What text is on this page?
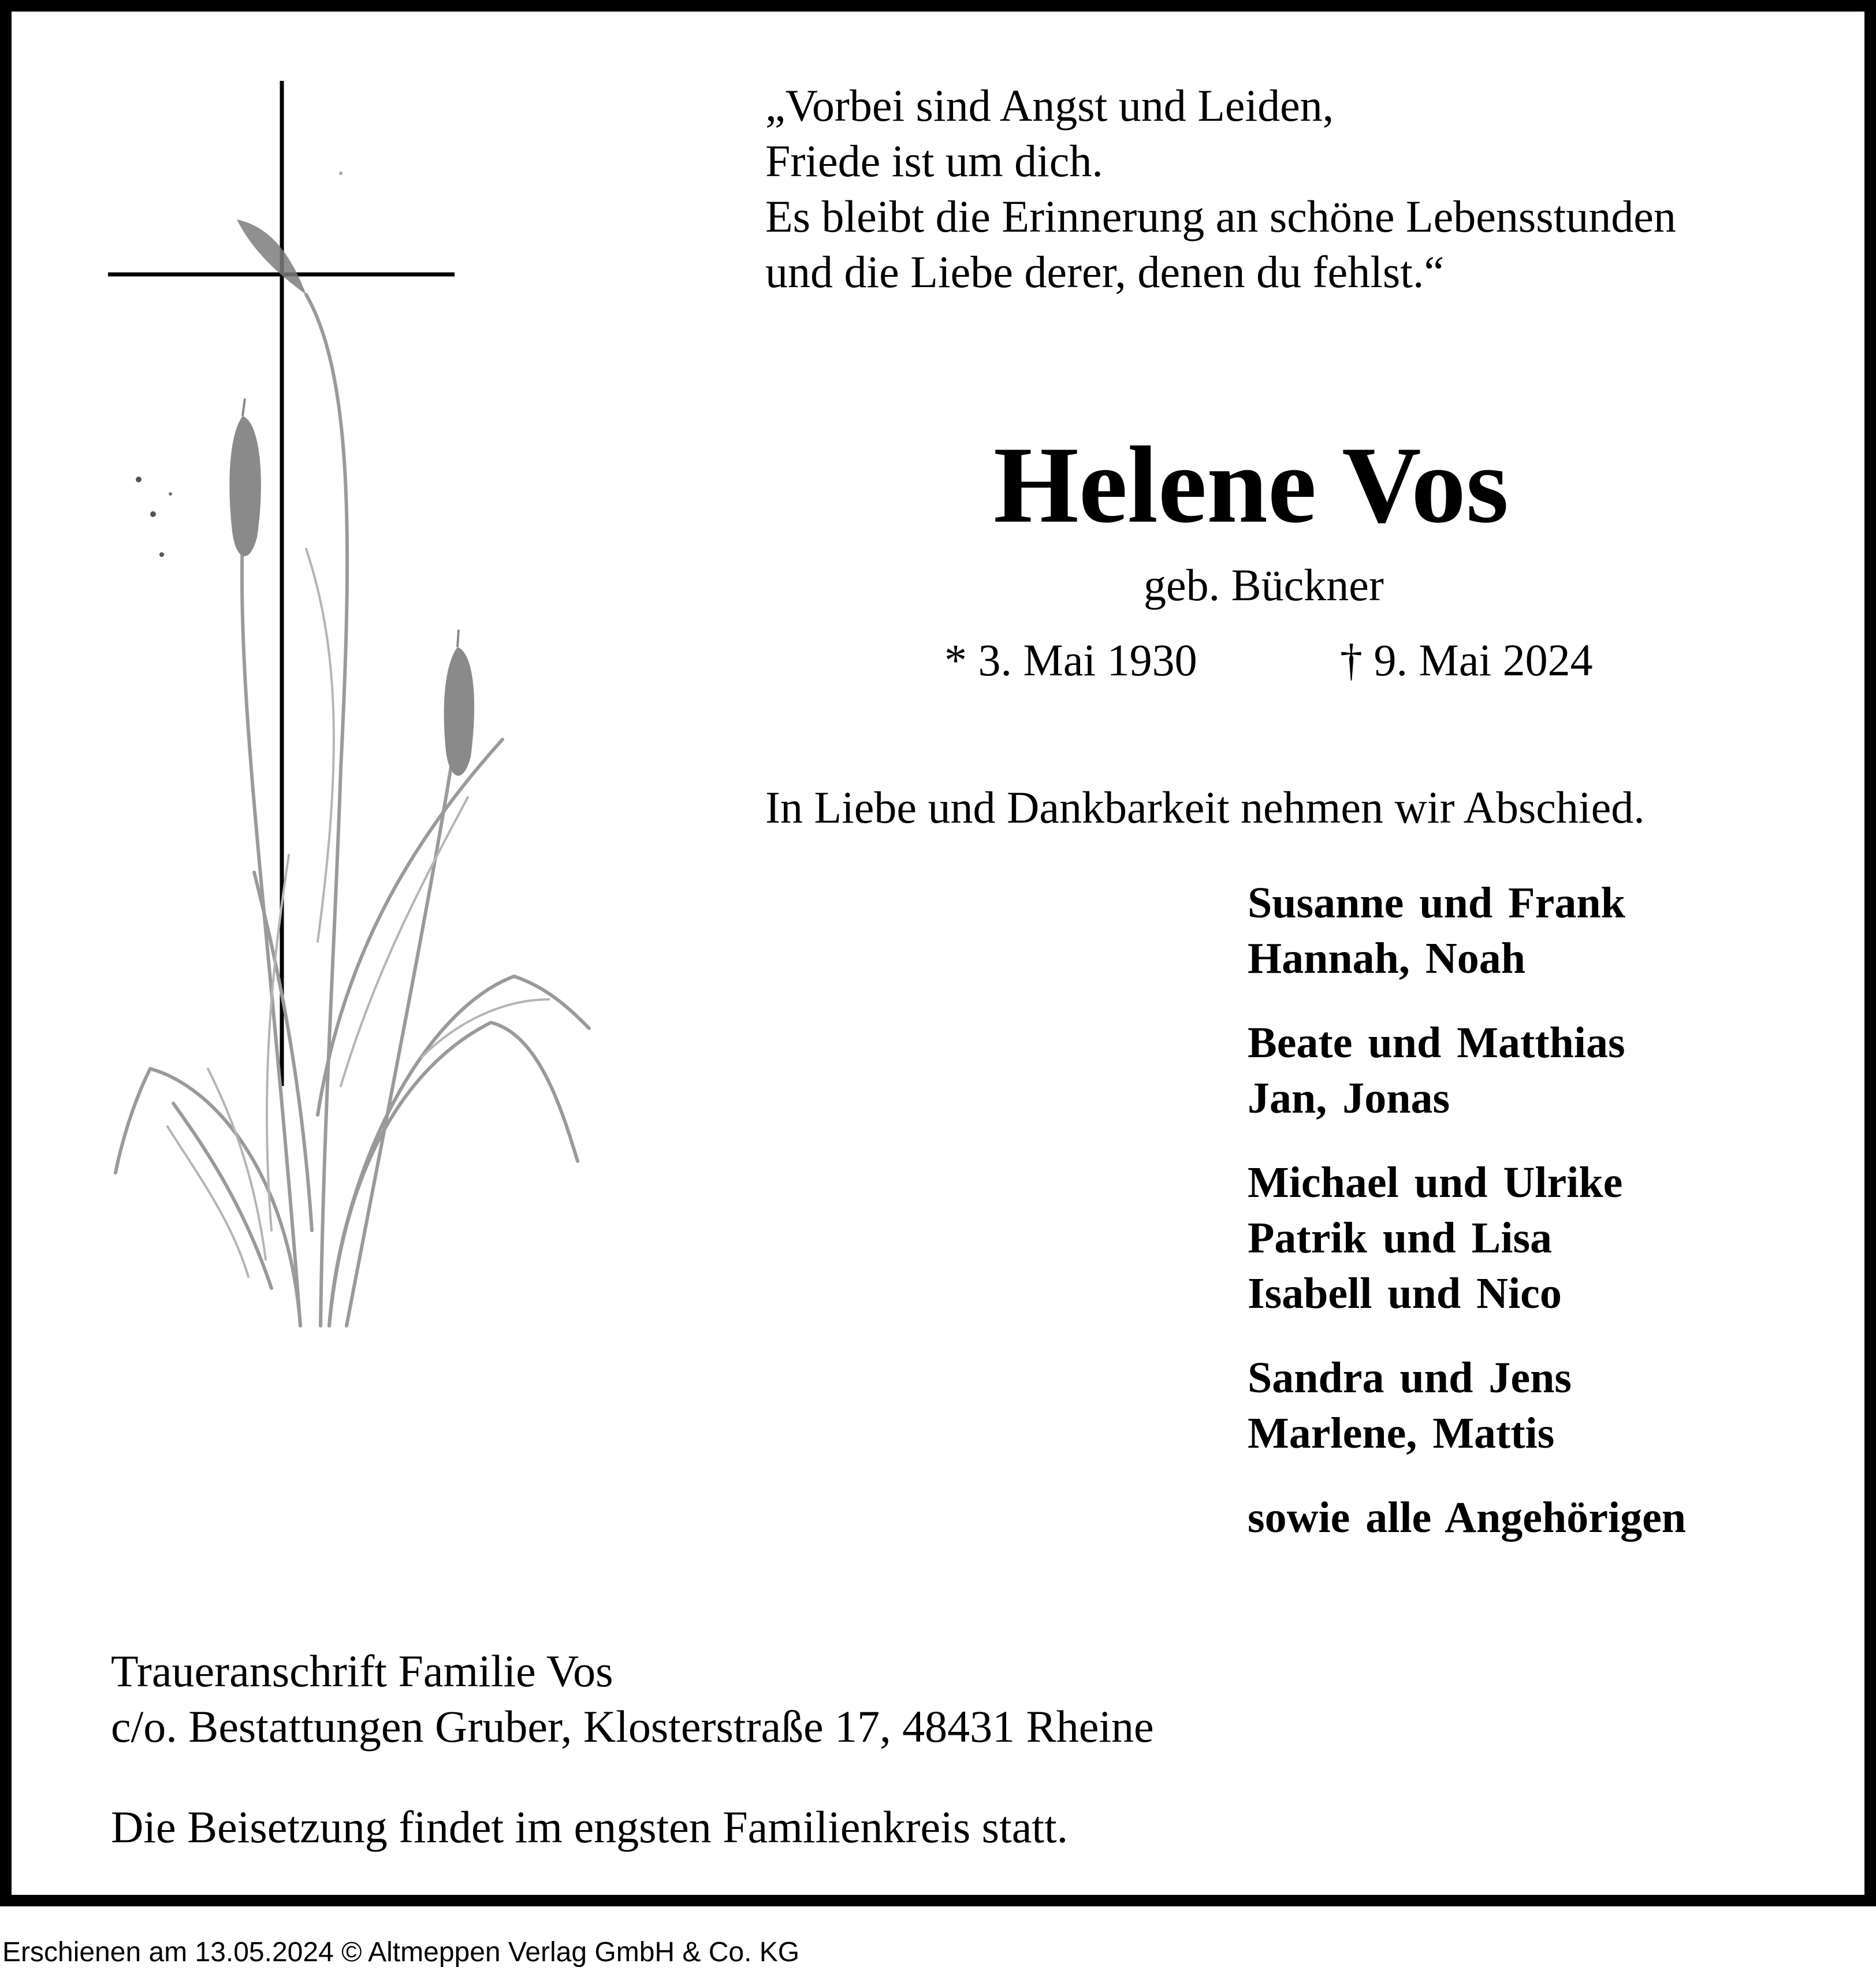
„Vorbei sind Angst und Leiden,
Friede ist um dich.
Es bleibt die Erinnerung an schöne Lebensstunden
und die Liebe derer, denen du fehlst.“
Helene Vos
geb. Bückner
* 3. Mai 1930	† 9. Mai 2024
In Liebe und Dankbarkeit nehmen wir Abschied.
Susanne und Frank
Hannah, Noah
Beate und Matthias
Jan, Jonas
Michael und Ulrike
Patrik und Lisa
Isabell und Nico
Sandra und Jens
Marlene, Mattis
sowie alle Angehörigen
Traueranschrift Familie Vos
c/o. Bestattungen Gruber, Klosterstraße 17, 48431 Rheine
Die Beisetzung findet im engsten Familienkreis statt.
Erschienen am 13.05.2024 © Altmeppen Verlag GmbH & Co. KG
